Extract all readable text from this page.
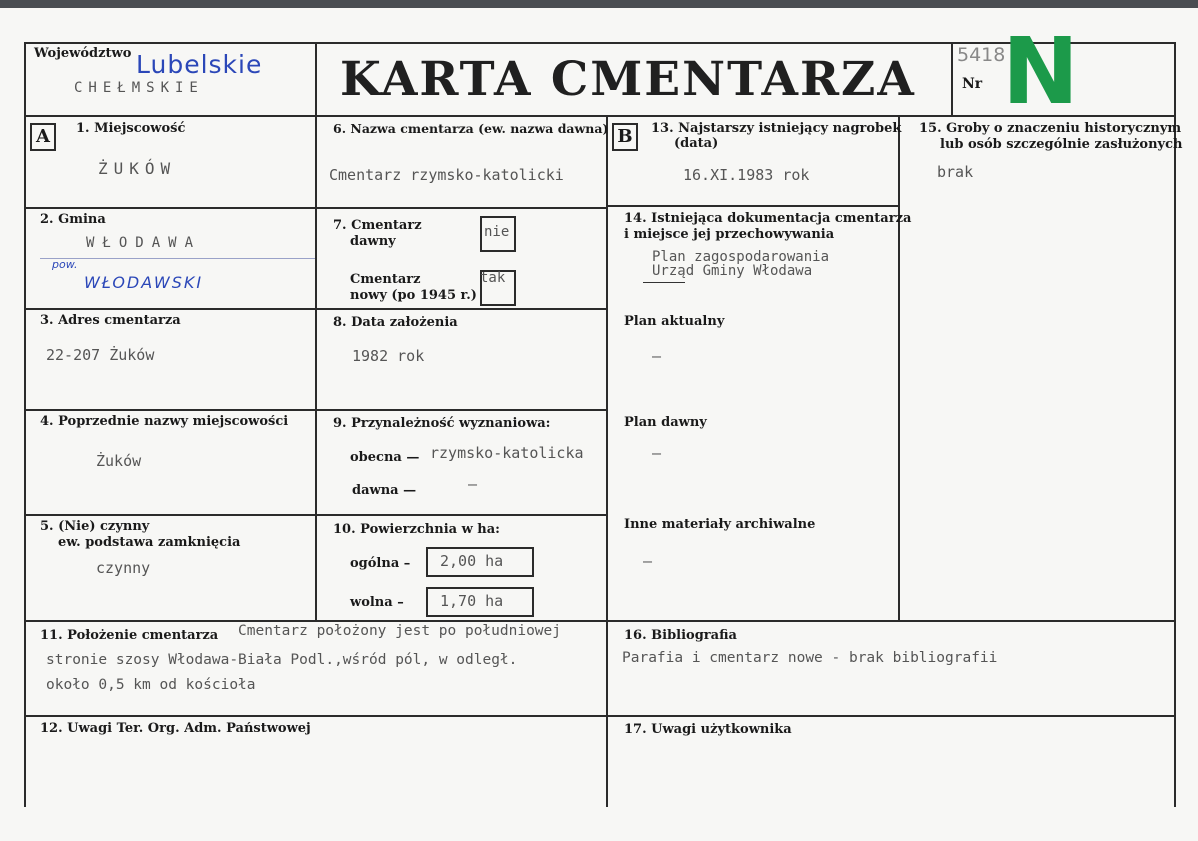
Województwo Lubelskie
CHEŁMSKIE	KARTA CMENTARZA 5418
Nr N
A	1. Miejscowość
ŻUKÓW
2. Gmina
WŁODAWA
pow.
WŁODAWSKI
3. Adres cmentarza
22-207 Żuków
4. Poprzednie nazwy miejscowości
Żuków
5. (Nie) czynny
ew. podstawa zamknięcia
czynny
6. Nazwa cmentarza (ew. nazwa dawna)
Cmentarz rzymsko-katolicki
7. Cmentarz
dawny
nie
Cmentarz
nowy (po 1945 r.)
tak
8. Data założenia
1982 rok
9. Przynależność wyznaniowa:
obecna — rzymsko-katolicka
dawna —	–
10. Powierzchnia w ha:
ogólna – 2,00 ha
wolna – 1,70 ha
B	13. Najstarszy istniejący nagrobek
(data)
16.XI.1983 rok
14. Istniejąca dokumentacja cmentarza
i miejsce jej przechowywania
Plan zagospodarowania
Urząd Gminy Włodawa
Plan aktualny
–
Plan dawny
–
Inne materiały archiwalne
–
15. Groby o znaczeniu historycznym
lub osób szczególnie zasłużonych
brak
11. Położenie cmentarza Cmentarz położony jest po południowej
stronie szosy Włodawa-Biała Podl.,wśród pól, w odległ.
około 0,5 km od kościoła
16. Bibliografia
Parafia i cmentarz nowe - brak bibliografii
12. Uwagi Ter. Org. Adm. Państwowej	17. Uwagi użytkownika
